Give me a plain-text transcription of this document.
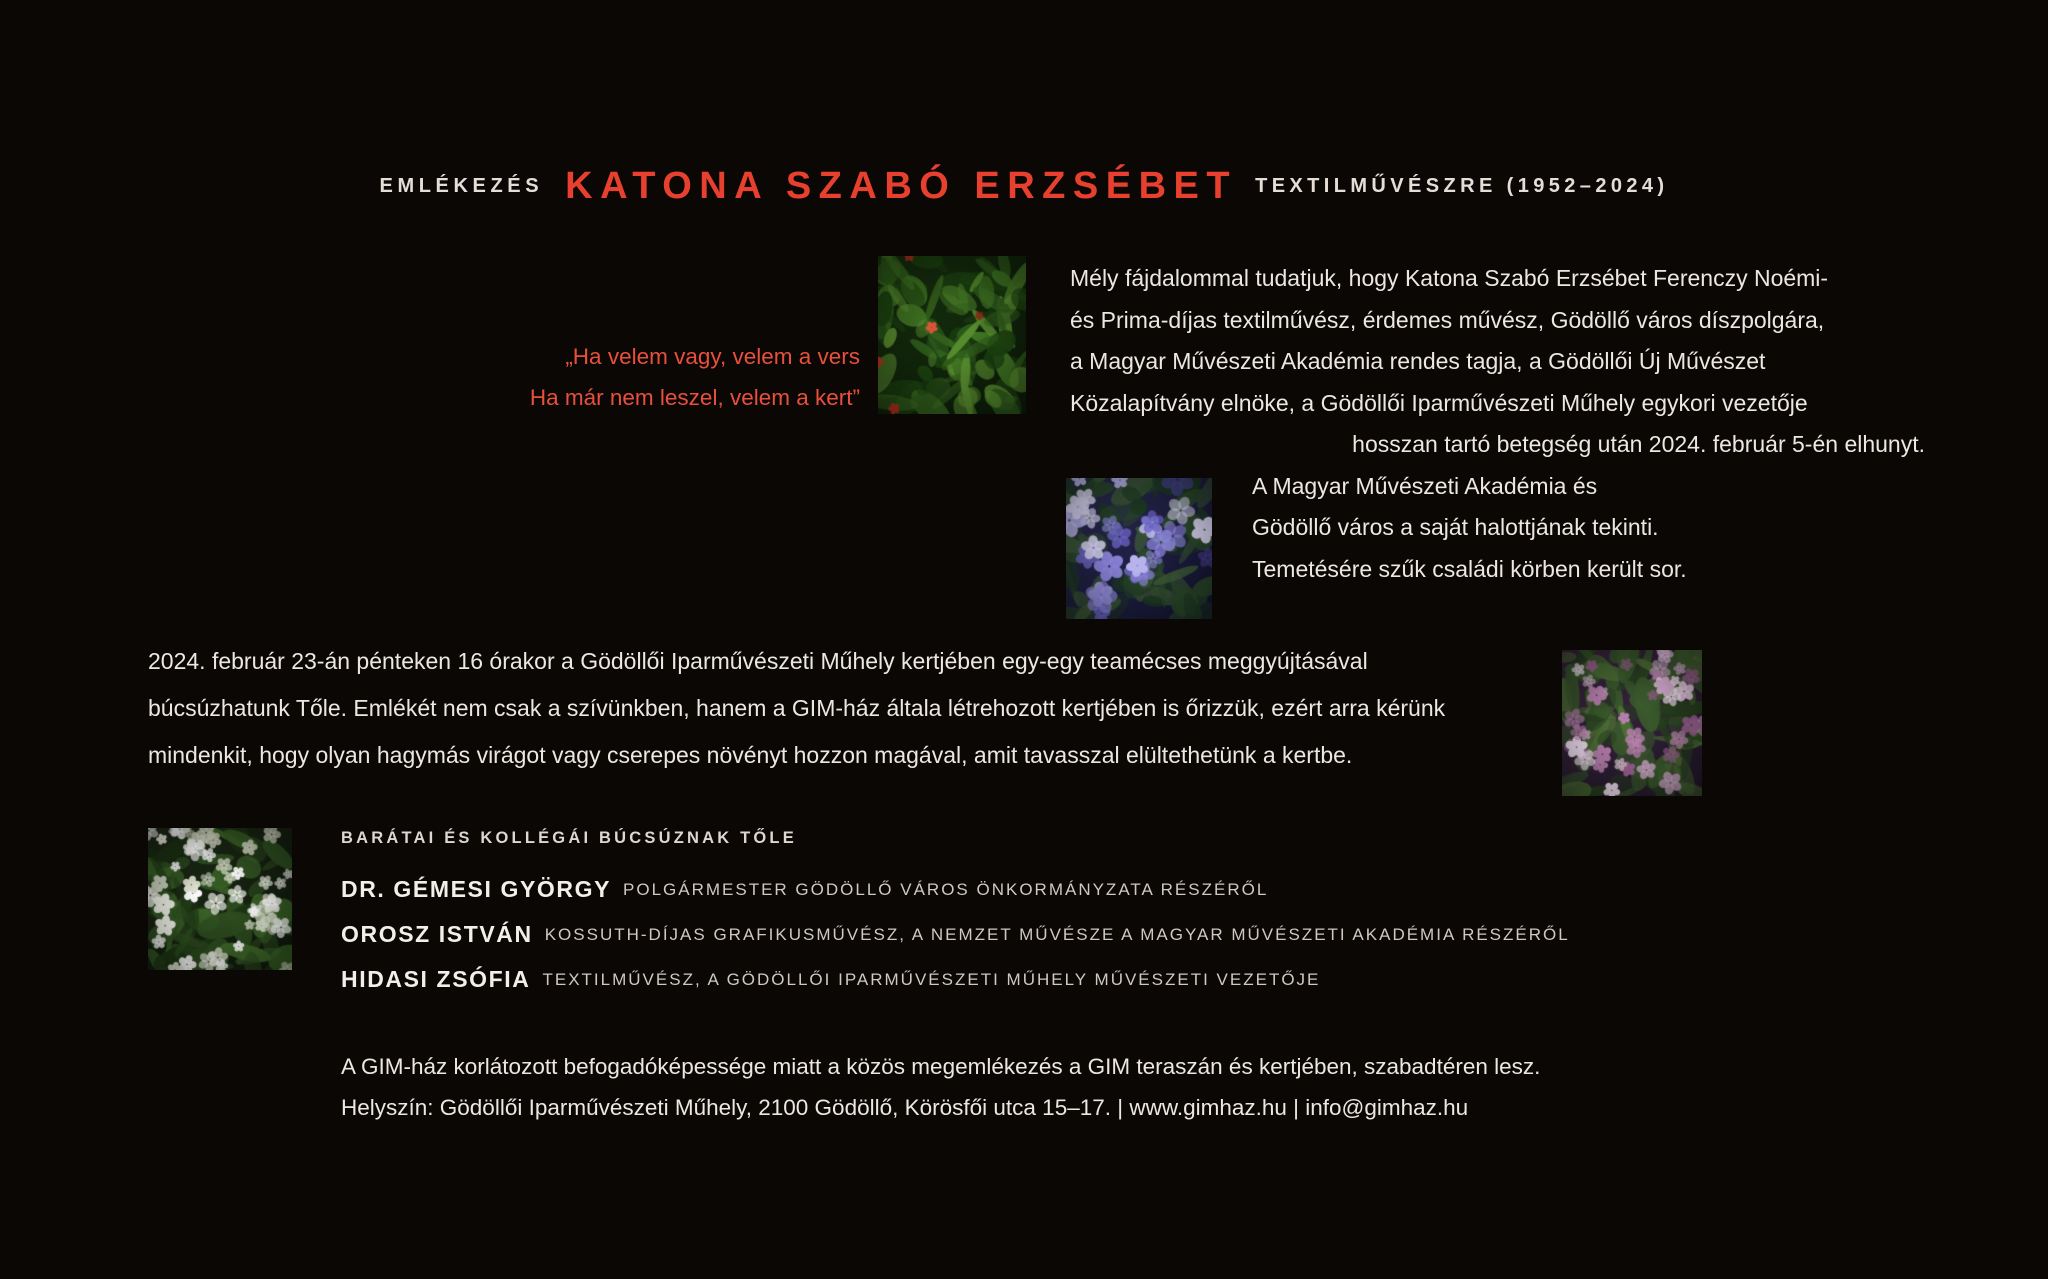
EMLÉKEZÉS KATONA SZABÓ ERZSÉBET TEXTILMŰVÉSZRE (1952–2024)
„Ha velem vagy, velem a vers
Ha már nem leszel, velem a kert”
Mély fájdalommal tudatjuk, hogy Katona Szabó Erzsébet Ferenczy Noémi-
és Prima-díjas textilművész, érdemes művész, Gödöllő város díszpolgára,
a Magyar Művészeti Akadémia rendes tagja, a Gödöllői Új Művészet
Közalapítvány elnöke, a Gödöllői Iparművészeti Műhely egykori vezetője
hosszan tartó betegség után 2024. február 5-én elhunyt.
A Magyar Művészeti Akadémia és
Gödöllő város a saját halottjának tekinti.
Temetésére szűk családi körben került sor.
2024. február 23-án pénteken 16 órakor a Gödöllői Iparművészeti Műhely kertjében egy-egy teamécses meggyújtásával
búcsúzhatunk Tőle. Emlékét nem csak a szívünkben, hanem a GIM-ház általa létrehozott kertjében is őrizzük, ezért arra kérünk
mindenkit, hogy olyan hagymás virágot vagy cserepes növényt hozzon magával, amit tavasszal elültethetünk a kertbe.
BARÁTAI ÉS KOLLÉGÁI BÚCSÚZNAK TŐLE
DR. GÉMESI GYÖRGY POLGÁRMESTER GÖDÖLLŐ VÁROS ÖNKORMÁNYZATA RÉSZÉRŐL
OROSZ ISTVÁN KOSSUTH-DÍJAS GRAFIKUSMŰVÉSZ, A NEMZET MŰVÉSZE A MAGYAR MŰVÉSZETI AKADÉMIA RÉSZÉRŐL
HIDASI ZSÓFIA TEXTILMŰVÉSZ, A GÖDÖLLŐI IPARMŰVÉSZETI MŰHELY MŰVÉSZETI VEZETŐJE
A GIM-ház korlátozott befogadóképessége miatt a közös megemlékezés a GIM teraszán és kertjében, szabadtéren lesz.
Helyszín: Gödöllői Iparművészeti Műhely, 2100 Gödöllő, Körösfői utca 15–17. | www.gimhaz.hu | info@gimhaz.hu
